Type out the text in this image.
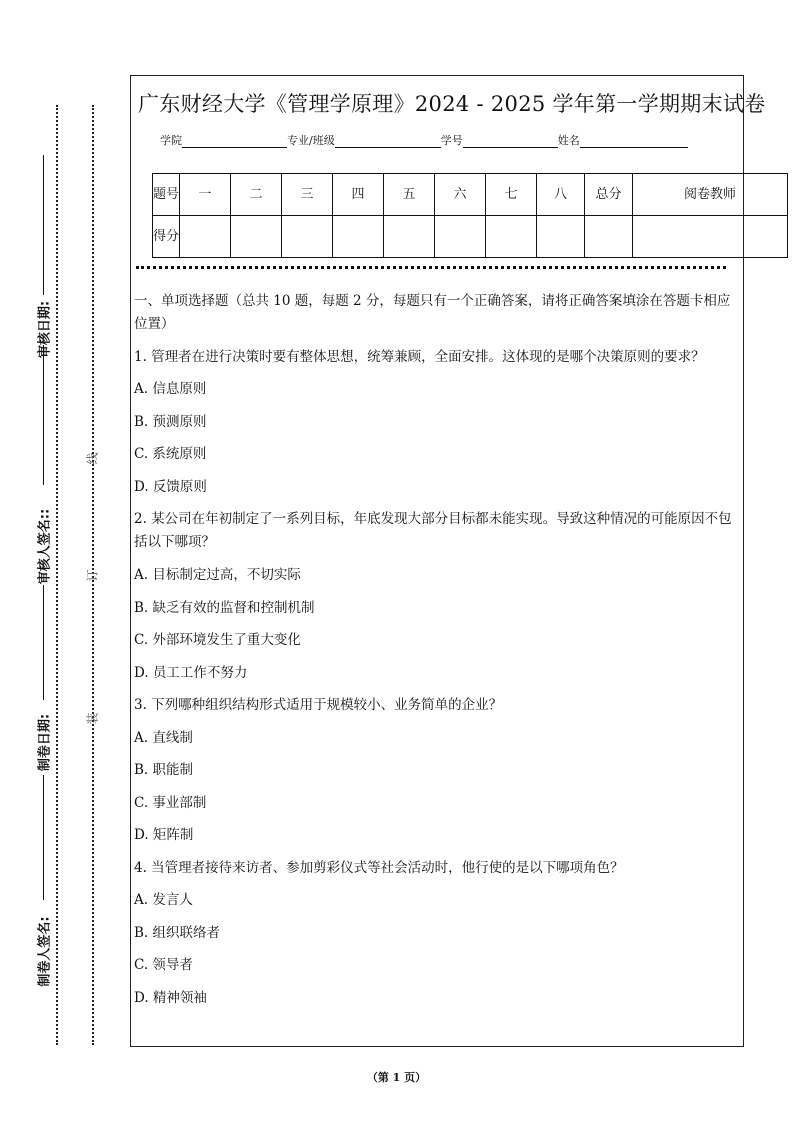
审核日期:
审核人签名::
制卷日期:
制卷人签名:
线
订
装
广东财经大学《管理学原理》2024 - 2025 学年第一学期期末试卷
学院	专业/班级	学号	姓名
题号	一	二	三	四	五	六	七	八	总分	阅卷教师
得分										

一、单项选择题（总共 10 题，每题 2 分，每题只有一个正确答案，请将正确答案填涂在答题卡相应位置）

1. 管理者在进行决策时要有整体思想，统筹兼顾，全面安排。这体现的是哪个决策原则的要求？

A. 信息原则

B. 预测原则

C. 系统原则

D. 反馈原则

2. 某公司在年初制定了一系列目标，年底发现大部分目标都未能实现。导致这种情况的可能原因不包括以下哪项？

A. 目标制定过高，不切实际

B. 缺乏有效的监督和控制机制

C. 外部环境发生了重大变化

D. 员工工作不努力

3. 下列哪种组织结构形式适用于规模较小、业务简单的企业？

A. 直线制

B. 职能制

C. 事业部制

D. 矩阵制

4. 当管理者接待来访者、参加剪彩仪式等社会活动时，他行使的是以下哪项角色？

A. 发言人

B. 组织联络者

C. 领导者

D. 精神领袖

（第 1 页）
